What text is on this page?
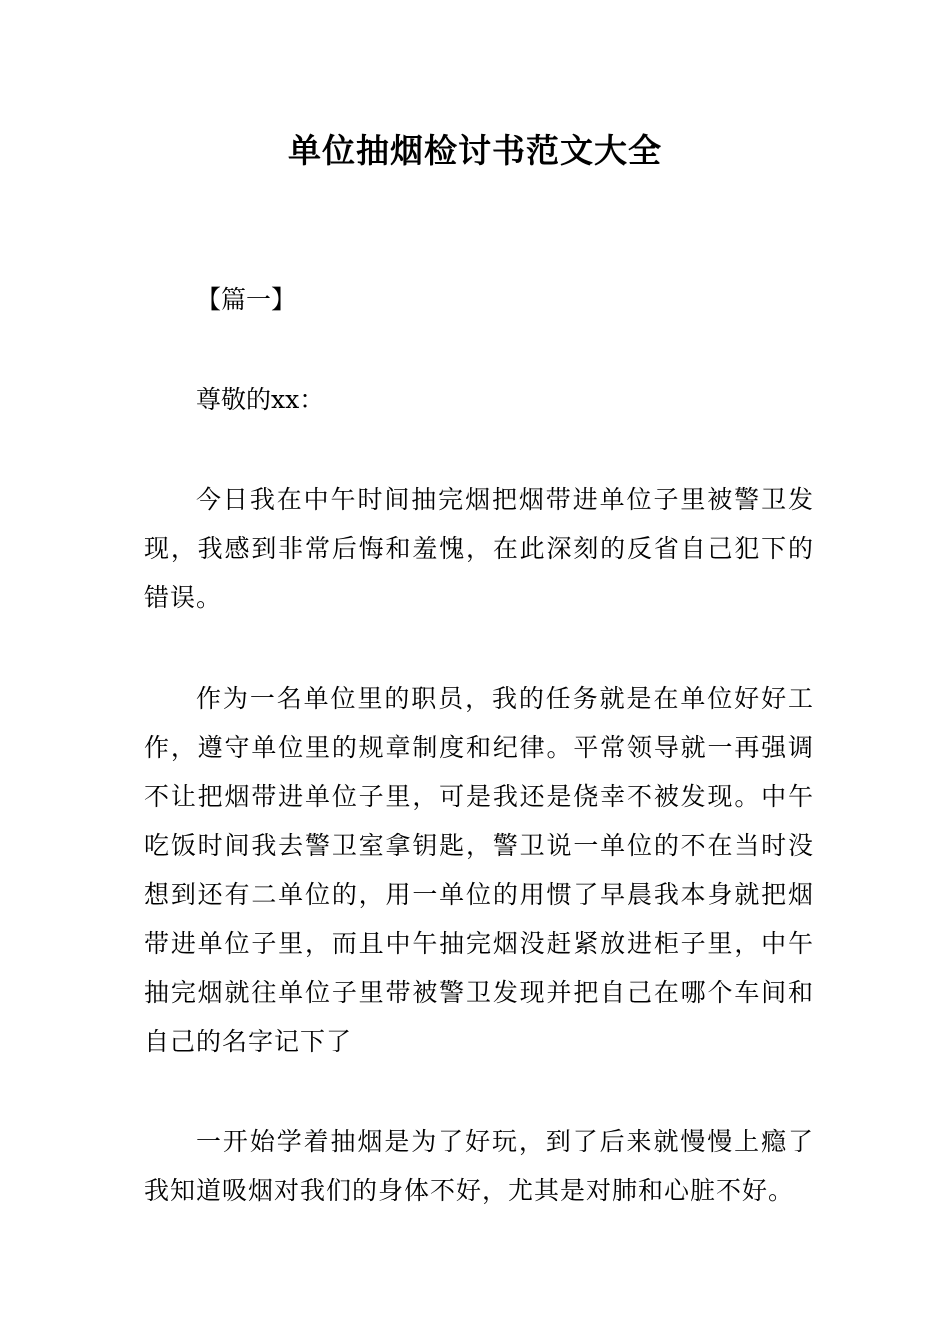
单位抽烟检讨书范文大全

【篇一】

尊敬的xx：

今日我在中午时间抽完烟把烟带进单位子里被警卫发现，我感到非常后悔和羞愧，在此深刻的反省自己犯下的错误。

作为一名单位里的职员，我的任务就是在单位好好工作，遵守单位里的规章制度和纪律。平常领导就一再强调不让把烟带进单位子里，可是我还是侥幸不被发现。中午吃饭时间我去警卫室拿钥匙，警卫说一单位的不在当时没想到还有二单位的，用一单位的用惯了早晨我本身就把烟带进单位子里，而且中午抽完烟没赶紧放进柜子里，中午抽完烟就往单位子里带被警卫发现并把自己在哪个车间和自己的名字记下了

一开始学着抽烟是为了好玩，到了后来就慢慢上瘾了我知道吸烟对我们的身体不好，尤其是对肺和心脏不好。
